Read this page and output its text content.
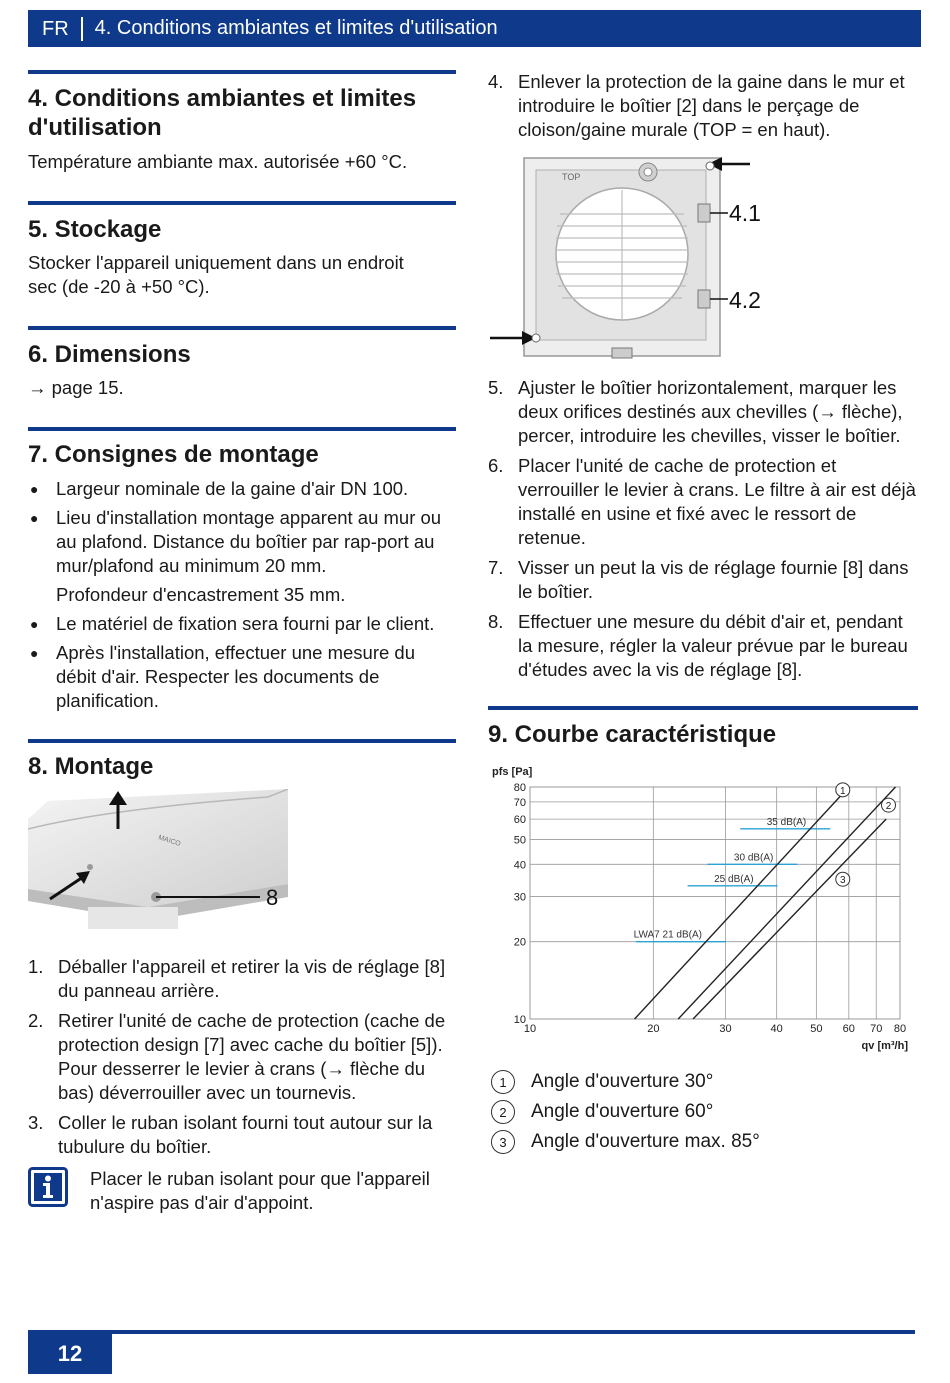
FR	4. Conditions ambiantes et limites d'utilisation
4. Conditions ambiantes et limites d'utilisation

Température ambiante max. autorisée +60 °C.

5. Stockage

Stocker l'appareil uniquement dans un endroit sec (de -20 à +50 °C).

6. Dimensions

→ page 15.

7. Consignes de montage
● Largeur nominale de la gaine d'air DN 100.
● Lieu d'installation montage apparent au mur ou au plafond. Distance du boîtier par rap-port au mur/plafond au minimum 20 mm.
Profondeur d'encastrement 35 mm.
● Le matériel de fixation sera fourni par le client.
● Après l'installation, effectuer une mesure du débit d'air. Respecter les documents de planification.
8. Montage
MAICO
8
1. Déballer l'appareil et retirer la vis de réglage [8] du panneau arrière.
2. Retirer l'unité de cache de protection (cache de protection design [7] avec cache du boîtier [5]). Pour desserrer le levier à crans (→ flèche du bas) déverrouiller avec un tournevis.
3. Coller le ruban isolant fourni tout autour sur la tubulure du boîtier.

Placer le ruban isolant pour que l'appareil n'aspire pas d'air d'appoint.

4. Enlever la protection de la gaine dans le mur et introduire le boîtier [2] dans le perçage de cloison/gaine murale (TOP = en haut).
TOP
4.1
4.2
5. Ajuster le boîtier horizontalement, marquer les deux orifices destinés aux chevilles (→ flèche), percer, introduire les chevilles, visser le boîtier.
6. Placer l'unité de cache de protection et verrouiller le levier à crans. Le filtre à air est déjà installé en usine et fixé avec le ressort de retenue.
7. Visser un peut la vis de réglage fournie [8] dans le boîtier.
8. Effectuer une mesure du débit d'air et, pendant la mesure, régler la valeur prévue par le bureau d'études avec la vis de réglage [8].
9. Courbe caractéristique
10	20	30	40 50 60 70 80
10
20
30
40
50
60
70
80
pfs [Pa]
qv [m³/h]
LWA7 21 dB(A)
25 dB(A)
30 dB(A)
35 dB(A)
1
2
3
1	Angle d'ouverture 30°
2	Angle d'ouverture 60°
3	Angle d'ouverture max. 85°
12
